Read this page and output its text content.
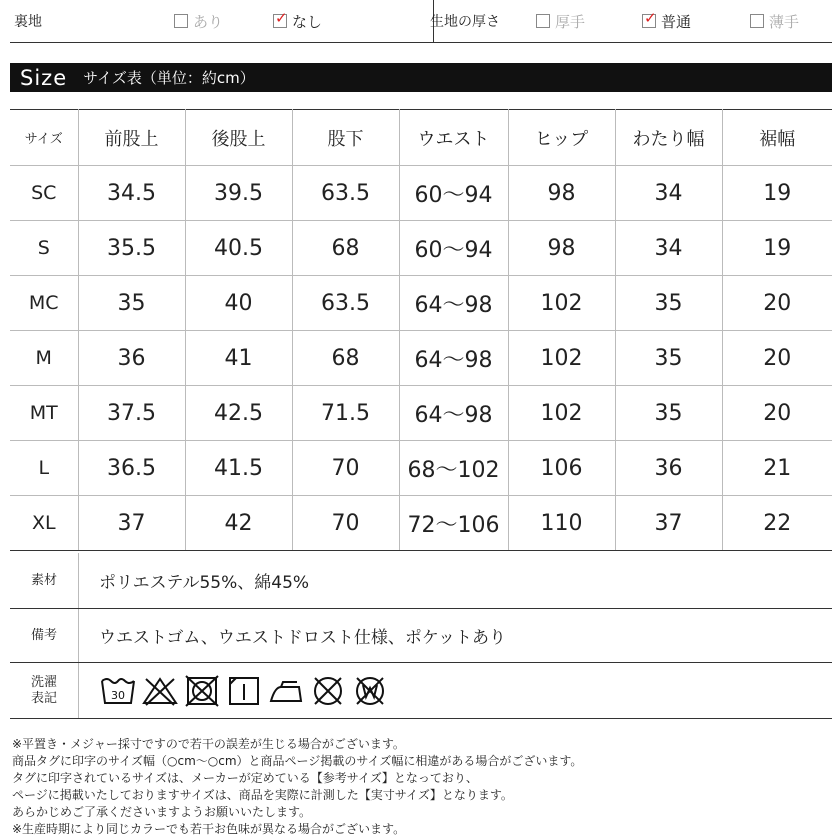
裏地	あり ✓	なし	生地の厚さ	厚手 ✓	普通	薄手
Size サイズ表（単位：約cm）
サイズ	前股上	後股上	股下	ウエスト	ヒップ	わたり幅	裾幅
SC	34.5	39.5	63.5	60〜94	98	34	19
S	35.5	40.5	68	60〜94	98	34	19
MC	35	40	63.5	64〜98	102	35	20
M	36	41	68	64〜98	102	35	20
MT	37.5	42.5	71.5	64〜98	102	35	20
L	36.5	41.5	70	68〜102	106	36	21
XL	37	42	70	72〜106	110	37	22
素材	ポリエステル55%、綿45%
備考	ウエストゴム、ウエストドロスト仕様、ポケットあり
洗濯
表記	30
※平置き・メジャー採寸ですので若干の誤差が生じる場合がございます。
商品タグに印字のサイズ幅（○cm〜○cm）と商品ページ掲載のサイズ幅に相違がある場合がございます。
タグに印字されているサイズは、メーカーが定めている【参考サイズ】となっており、
ページに掲載いたしておりますサイズは、商品を実際に計測した【実寸サイズ】となります。
あらかじめご了承くださいますようお願いいたします。
※生産時期により同じカラーでも若干お色味が異なる場合がございます。
